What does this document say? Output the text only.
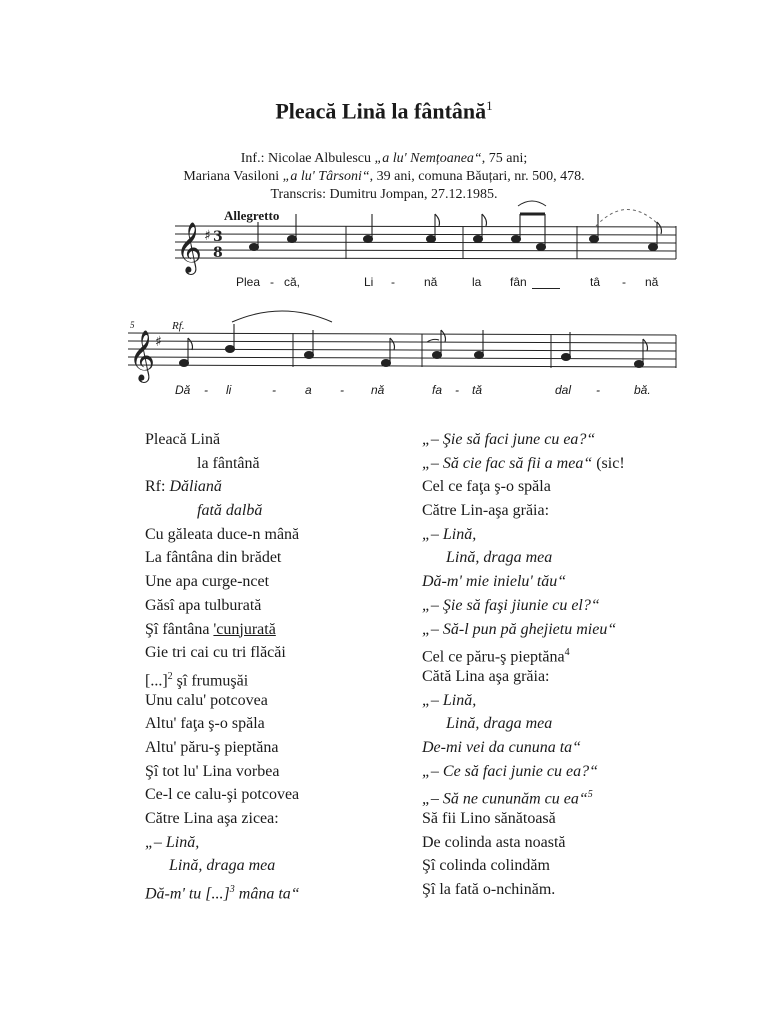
Pleacă Lină la fântână$^1$
Inf.: Nicolae Albulescu „a lu' Nemțoanea“, 75 ani;
Mariana Vasiloni „a lu' Târsoni“, 39 ani, comuna Băuțari, nr. 500, 478.
Transcris: Dumitru Jompan, 27.12.1985.
Allegretto
𝄞 ♯ 3
8
𝄞 ♯
Plea - că,	Li - nă	la fân	tâ - nă
5	Rf.
Dă - li	- a - nă	fa - tă	dal -	bă.
Pleacă Lină
la fântână
Rf: Dăliană
fată dalbă
Cu găleata duce-n mână
La fântâna din brădet
Une apa curge-ncet
Găsî apa tulburată
Şî fântâna 'cunjurată
Gie tri cai cu tri flăcăi
[...]$^2$ şî frumuşăi
Unu calu' potcovea
Altu' faţa ş-o spăla
Altu' păru-ş pieptăna
Şî tot lu' Lina vorbea
Ce-l ce calu-şi potcovea
Către Lina aşa zicea:
„– Lină,
Lină, draga mea
Dă-m' tu [...]$^3$ mâna ta“
„– Şie să faci june cu ea?“
„– Să cie fac să fii a mea“ (sic!
Cel ce faţa ş-o spăla
Către Lin-aşa grăia:
„– Lină,
Lină, draga mea
Dă-m' mie inielu' tău“
„– Şie să faşi jiunie cu el?“
„– Să-l pun pă ghejietu mieu“
Cel ce păru-ş pieptăna$^4$
Cătă Lina aşa grăia:
„– Lină,
Lină, draga mea
De-mi vei da cununa ta“
„– Ce să faci junie cu ea?“
„– Să ne cununăm cu ea“$^5$
Să fii Lino sănătoasă
De colinda asta noastă
Şî colinda colindăm
Şî la fată o-nchinăm.
